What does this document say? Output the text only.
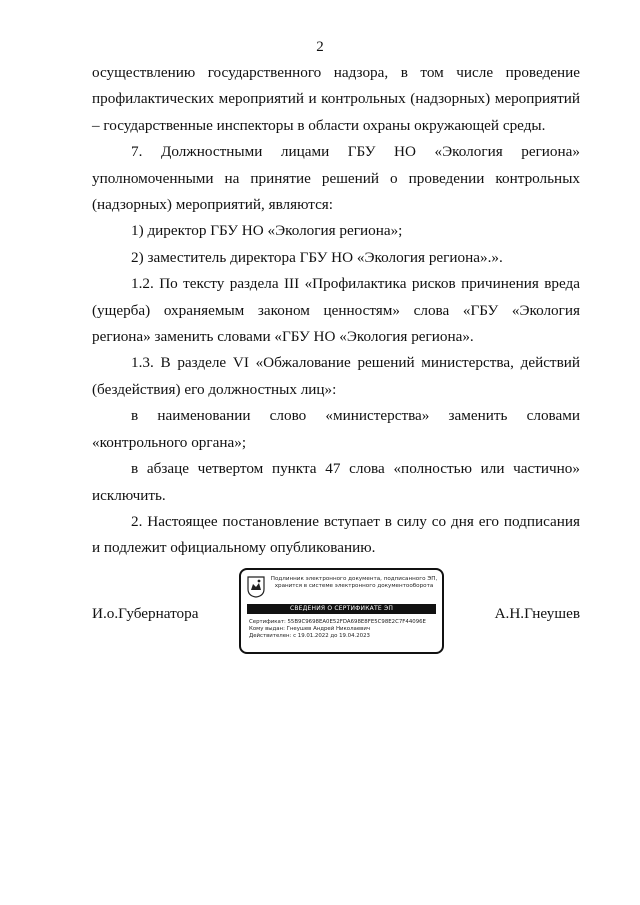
2

осуществлению государственного надзора, в том числе проведение профилактических мероприятий и контрольных (надзорных) мероприятий – государственные инспекторы в области охраны окружающей среды.

7. Должностными лицами ГБУ НО «Экология региона» уполномоченными на принятие решений о проведении контрольных (надзорных) мероприятий, являются:

1) директор ГБУ НО «Экология региона»;

2) заместитель директора ГБУ НО «Экология региона».».

1.2. По тексту раздела III «Профилактика рисков причинения вреда (ущерба) охраняемым законом ценностям» слова «ГБУ «Экология региона» заменить словами «ГБУ НО «Экология региона».

1.3. В разделе VI «Обжалование решений министерства, действий (бездействия) его должностных лиц»:

в наименовании слово «министерства» заменить словами «контрольного органа»;

в абзаце четвертом пункта 47 слова «полностью или частично» исключить.

2. Настоящее постановление вступает в силу со дня его подписания и подлежит официальному опубликованию.

И.о.Губернатора
Подлинник электронного документа, подписанного ЭП,
хранится в системе электронного документооборота
СВЕДЕНИЯ О СЕРТИФИКАТЕ ЭП
Сертификат: 55B9C9698EA0E52FDA698E8FE5C98E2C7F44096E
Кому выдан: Гнеушев Андрей Николаевич
Действителен: с 19.01.2022 до 19.04.2023
А.Н.Гнеушев
